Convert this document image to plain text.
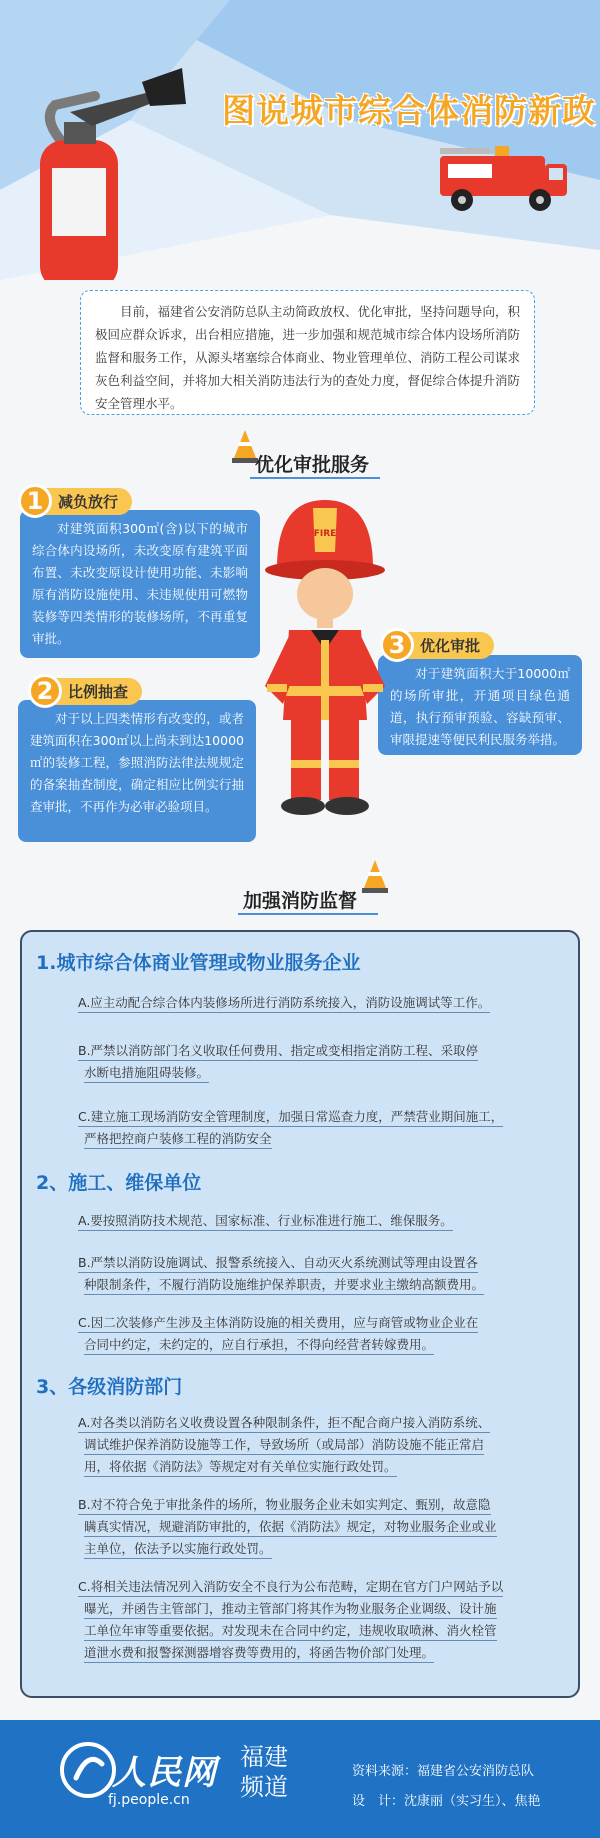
图说城市综合体消防新政
目前，福建省公安消防总队主动简政放权、优化审批，坚持问题导向，积极回应群众诉求，出台相应措施，进一步加强和规范城市综合体内设场所消防监督和服务工作，从源头堵塞综合体商业、物业管理单位、消防工程公司谋求灰色利益空间，并将加大相关消防违法行为的查处力度，督促综合体提升消防安全管理水平。
优化审批服务
对建筑面积300㎡(含)以下的城市综合体内设场所，未改变原有建筑平面布置、未改变原设计使用功能、未影响原有消防设施使用、未违规使用可燃物装修等四类情形的装修场所，不再重复审批。
1 减负放行
对于以上四类情形有改变的，或者建筑面积在300㎡以上尚未到达10000㎡的装修工程，参照消防法律法规规定的备案抽查制度，确定相应比例实行抽查审批，不再作为必审必验项目。
2 比例抽查
对于建筑面积大于10000㎡的场所审批，开通项目绿色通道，执行预审预验、容缺预审、审限提速等便民利民服务举措。
3 优化审批
FIRE
加强消防监督
1.城市综合体商业管理或物业服务企业
A.应主动配合综合体内装修场所进行消防系统接入，消防设施调试等工作。
B.严禁以消防部门名义收取任何费用、指定或变相指定消防工程、采取停
水断电措施阻碍装修。
C.建立施工现场消防安全管理制度，加强日常巡查力度，严禁营业期间施工，
严格把控商户装修工程的消防安全
2、施工、维保单位
A.要按照消防技术规范、国家标准、行业标准进行施工、维保服务。
B.严禁以消防设施调试、报警系统接入、自动灭火系统测试等理由设置各
种限制条件，不履行消防设施维护保养职责，并要求业主缴纳高额费用。
C.因二次装修产生涉及主体消防设施的相关费用，应与商管或物业企业在
合同中约定，未约定的，应自行承担，不得向经营者转嫁费用。
3、各级消防部门
A.对各类以消防名义收费设置各种限制条件，拒不配合商户接入消防系统、
调试维护保养消防设施等工作，导致场所（或局部）消防设施不能正常启
用，将依据《消防法》等规定对有关单位实施行政处罚。
B.对不符合免于审批条件的场所，物业服务企业未如实判定、甄别，故意隐
瞒真实情况，规避消防审批的，依据《消防法》规定，对物业服务企业或业
主单位，依法予以实施行政处罚。
C.将相关违法情况列入消防安全不良行为公布范畴，定期在官方门户网站予以
曝光，并函告主管部门，推动主管部门将其作为物业服务企业调级、设计施
工单位年审等重要依据。对发现未在合同中约定，违规收取喷淋、消火栓管
道泄水费和报警探测器增容费等费用的，将函告物价部门处理。
人民网
fj.people.cn
福建频道
资料来源：福建省公安消防总队
设　计：沈康丽（实习生）、焦艳
